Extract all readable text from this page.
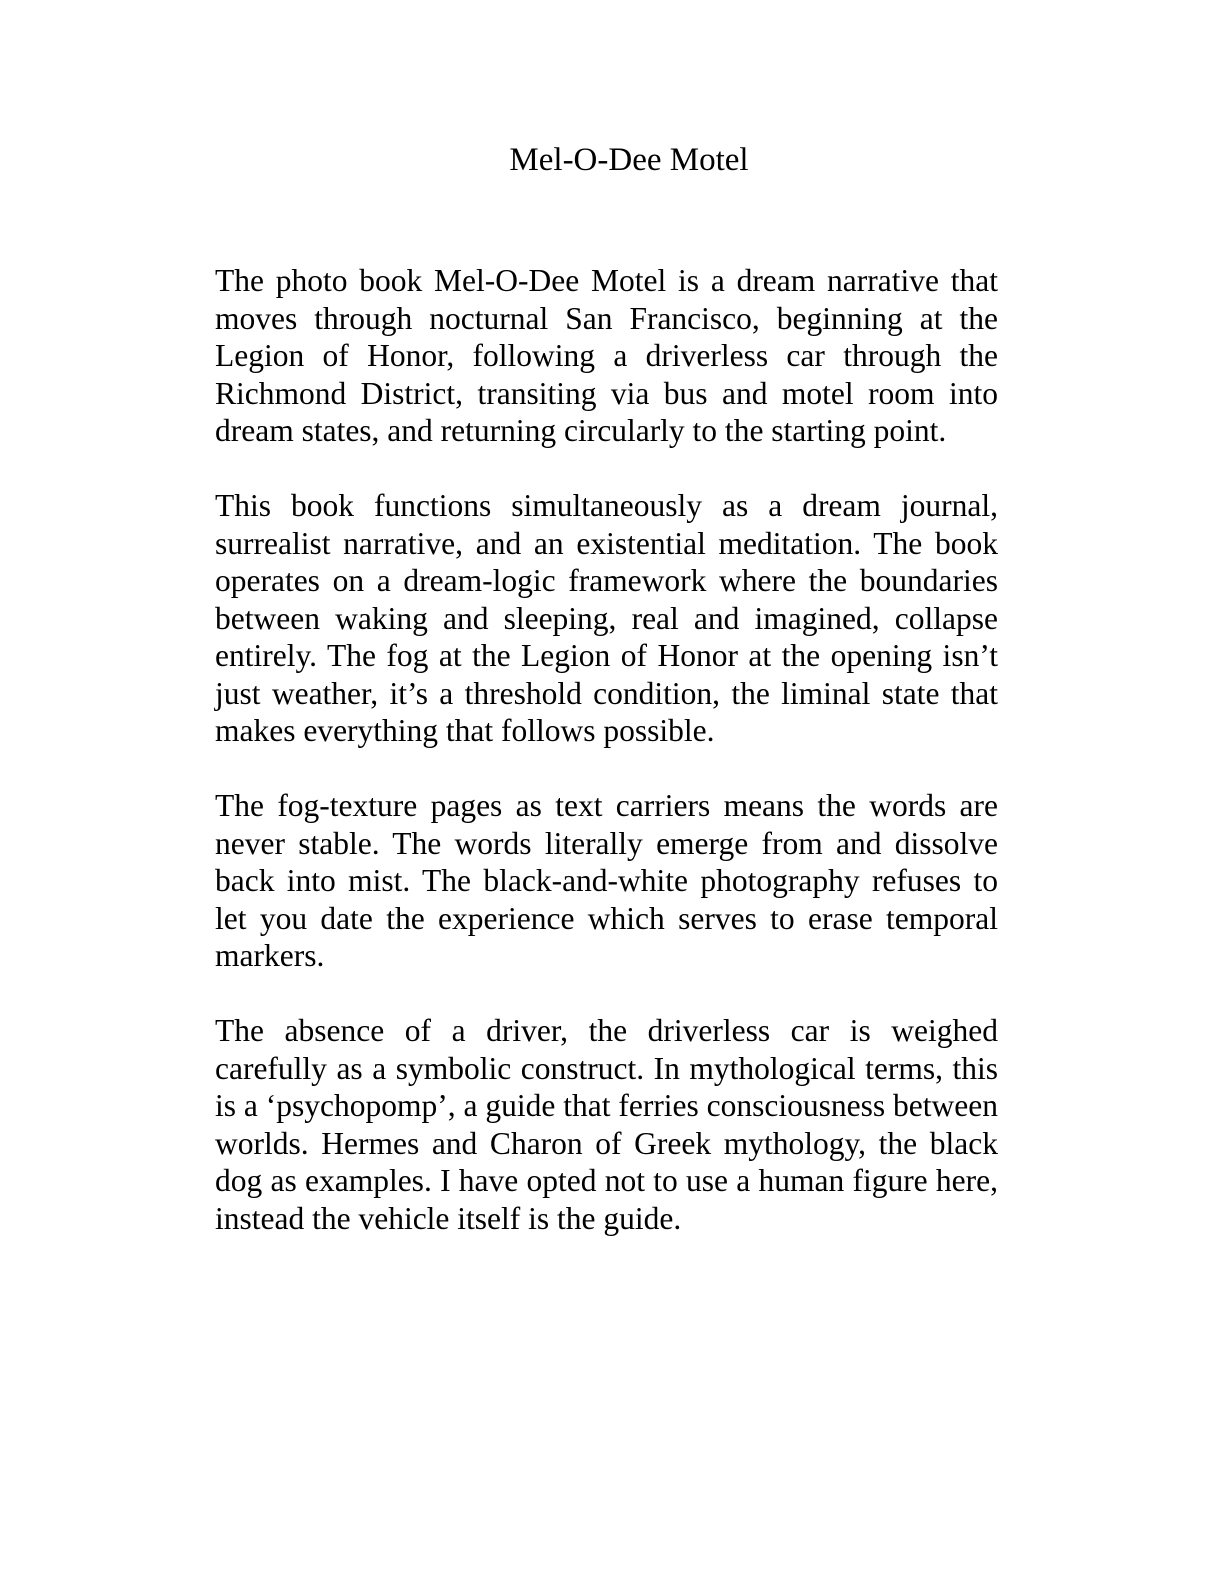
Mel-O-Dee Motel

The photo book Mel-O-Dee Motel is a dream narrative that moves through nocturnal San Francisco, beginning at the Legion of Honor, following a driverless car through the Richmond District, transiting via bus and motel room into dream states, and returning circularly to the starting point.

This book functions simultaneously as a dream journal, surrealist narrative, and an existential meditation. The book operates on a dream-logic framework where the boundaries between waking and sleeping, real and imagined, collapse entirely. The fog at the Legion of Honor at the opening isn’t just weather, it’s a threshold condition, the liminal state that makes everything that follows possible.

The fog-texture pages as text carriers means the words are never stable. The words literally emerge from and dissolve back into mist. The black-and-white photography refuses to let you date the experience which serves to erase temporal markers.

The absence of a driver, the driverless car is weighed carefully as a symbolic construct. In mythological terms, this is a ‘psychopomp’, a guide that ferries consciousness between worlds. Hermes and Charon of Greek mythology, the black dog as examples. I have opted not to use a human figure here, instead the vehicle itself is the guide.
